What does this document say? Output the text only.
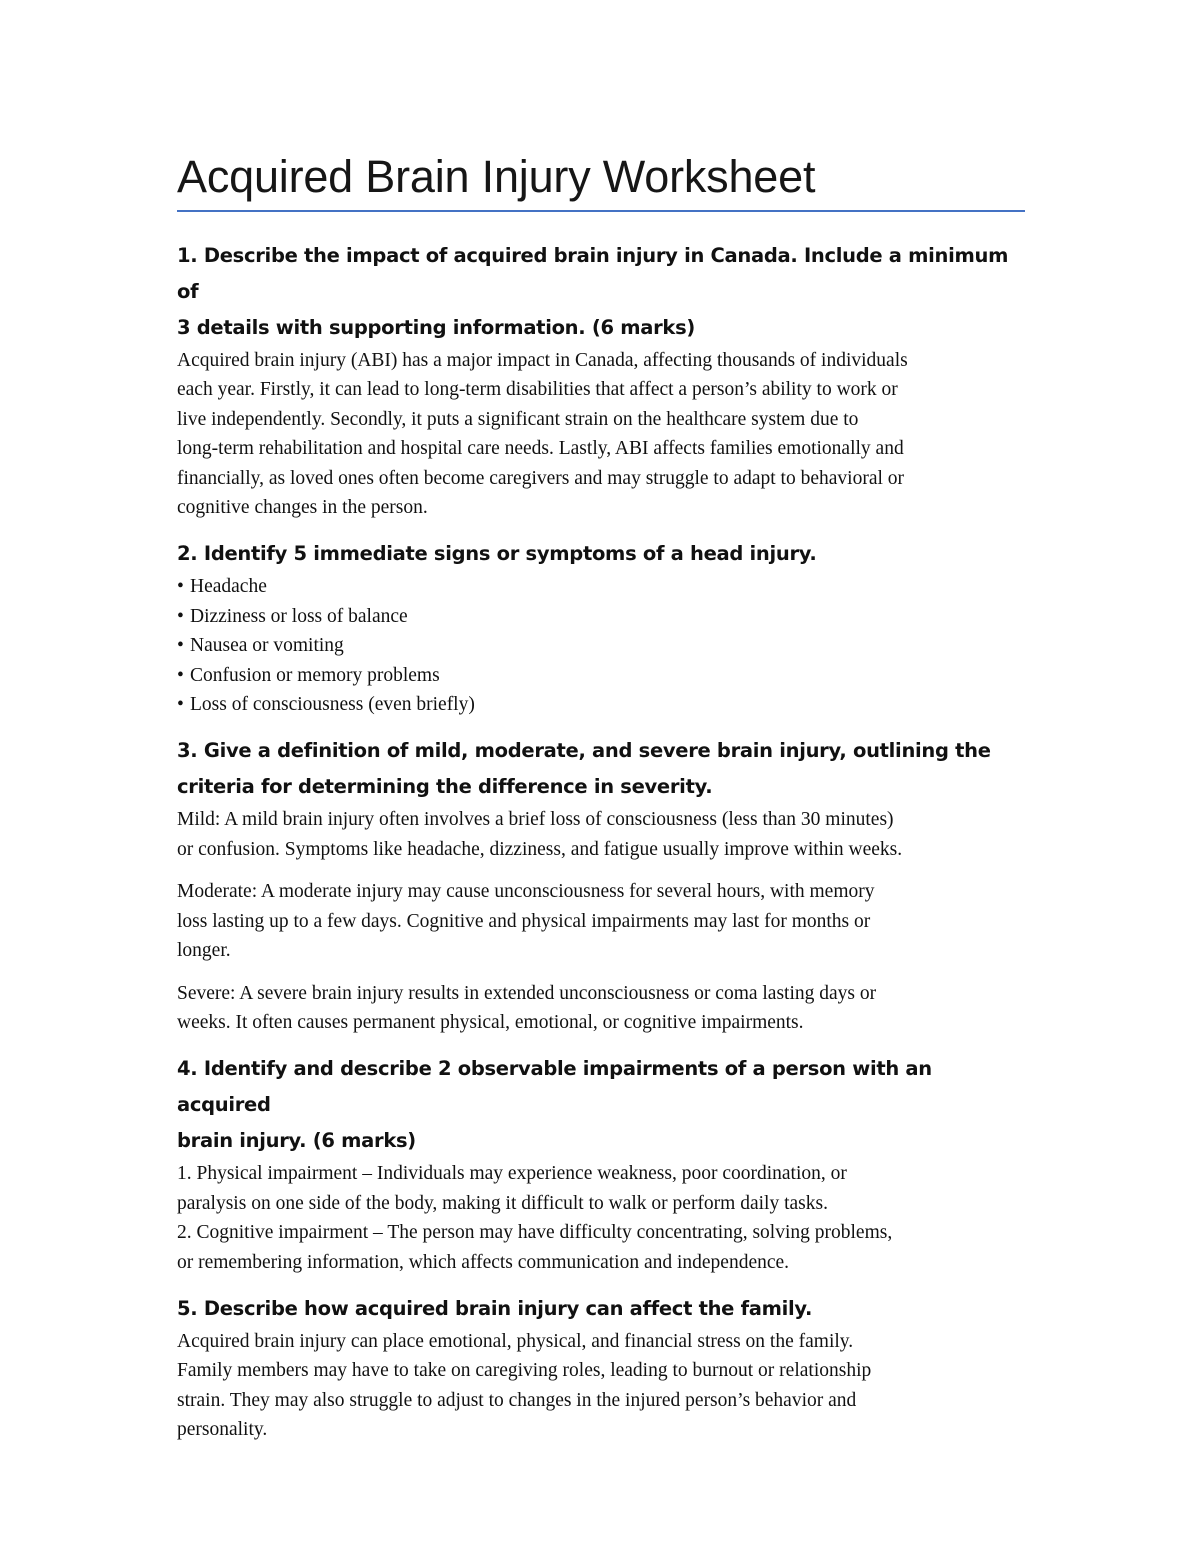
Acquired Brain Injury Worksheet

1. Describe the impact of acquired brain injury in Canada. Include a minimum of
3 details with supporting information. (6 marks)

Acquired brain injury (ABI) has a major impact in Canada, affecting thousands of individuals
each year. Firstly, it can lead to long-term disabilities that affect a person’s ability to work or
live independently. Secondly, it puts a significant strain on the healthcare system due to
long-term rehabilitation and hospital care needs. Lastly, ABI affects families emotionally and
financially, as loved ones often become caregivers and may struggle to adapt to behavioral or
cognitive changes in the person.

2. Identify 5 immediate signs or symptoms of a head injury.

• Headache
• Dizziness or loss of balance
• Nausea or vomiting
• Confusion or memory problems
• Loss of consciousness (even briefly)

3. Give a definition of mild, moderate, and severe brain injury, outlining the
criteria for determining the difference in severity.

Mild: A mild brain injury often involves a brief loss of consciousness (less than 30 minutes)
or confusion. Symptoms like headache, dizziness, and fatigue usually improve within weeks.

Moderate: A moderate injury may cause unconsciousness for several hours, with memory
loss lasting up to a few days. Cognitive and physical impairments may last for months or
longer.

Severe: A severe brain injury results in extended unconsciousness or coma lasting days or
weeks. It often causes permanent physical, emotional, or cognitive impairments.

4. Identify and describe 2 observable impairments of a person with an acquired
brain injury. (6 marks)

1. Physical impairment – Individuals may experience weakness, poor coordination, or
paralysis on one side of the body, making it difficult to walk or perform daily tasks.
2. Cognitive impairment – The person may have difficulty concentrating, solving problems,
or remembering information, which affects communication and independence.

5. Describe how acquired brain injury can affect the family.

Acquired brain injury can place emotional, physical, and financial stress on the family.
Family members may have to take on caregiving roles, leading to burnout or relationship
strain. They may also struggle to adjust to changes in the injured person’s behavior and
personality.
